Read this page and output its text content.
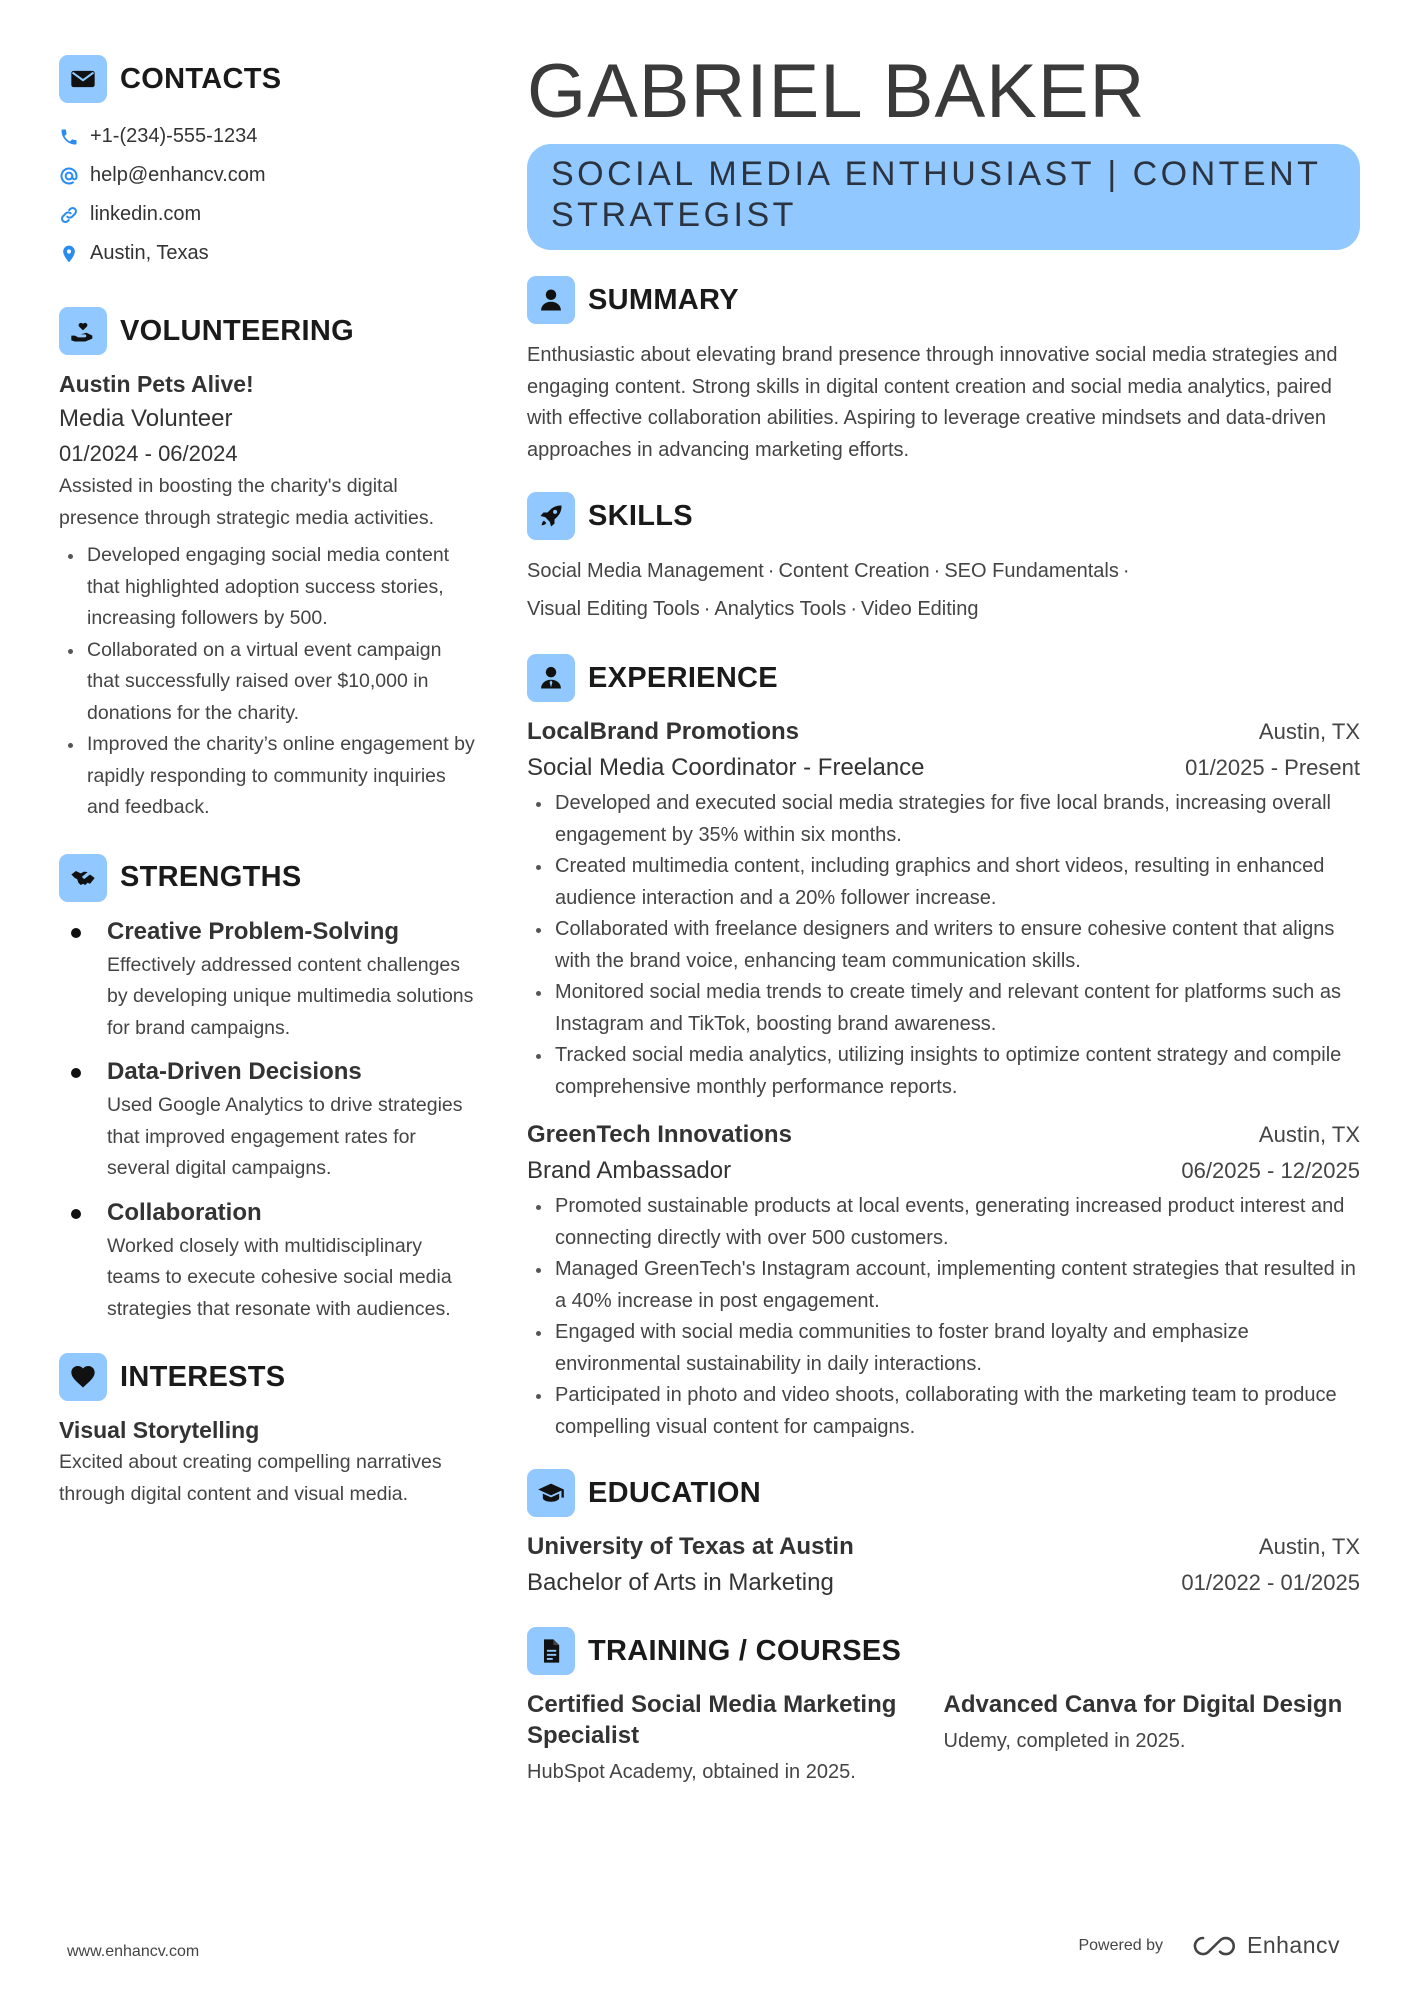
CONTACTS
+1-(234)-555-1234
help@enhancv.com
linkedin.com
Austin, Texas
VOLUNTEERING
Austin Pets Alive!
Media Volunteer
01/2024 - 06/2024
Assisted in boosting the charity's digital presence through strategic media activities.
Developed engaging social media content that highlighted adoption success stories, increasing followers by 500.
Collaborated on a virtual event campaign that successfully raised over $10,000 in donations for the charity.
Improved the charity’s online engagement by rapidly responding to community inquiries and feedback.
STRENGTHS
Creative Problem-Solving
Effectively addressed content challenges by developing unique multimedia solutions for brand campaigns.
Data-Driven Decisions
Used Google Analytics to drive strategies that improved engagement rates for several digital campaigns.
Collaboration
Worked closely with multidisciplinary teams to execute cohesive social media strategies that resonate with audiences.
INTERESTS
Visual Storytelling
Excited about creating compelling narratives through digital content and visual media.
GABRIEL BAKER
SOCIAL MEDIA ENTHUSIAST | CONTENT
STRATEGIST
SUMMARY
Enthusiastic about elevating brand presence through innovative social media strategies and engaging content. Strong skills in digital content creation and social media analytics, paired with effective collaboration abilities. Aspiring to leverage creative mindsets and data-driven approaches in advancing marketing efforts.
SKILLS
Social Media Management · Content Creation · SEO Fundamentals ·
Visual Editing Tools · Analytics Tools · Video Editing
EXPERIENCE
LocalBrand Promotions	Austin, TX
Social Media Coordinator - Freelance	01/2025 - Present
Developed and executed social media strategies for five local brands, increasing overall engagement by 35% within six months.
Created multimedia content, including graphics and short videos, resulting in enhanced audience interaction and a 20% follower increase.
Collaborated with freelance designers and writers to ensure cohesive content that aligns with the brand voice, enhancing team communication skills.
Monitored social media trends to create timely and relevant content for platforms such as Instagram and TikTok, boosting brand awareness.
Tracked social media analytics, utilizing insights to optimize content strategy and compile comprehensive monthly performance reports.
GreenTech Innovations	Austin, TX
Brand Ambassador	06/2025 - 12/2025
Promoted sustainable products at local events, generating increased product interest and connecting directly with over 500 customers.
Managed GreenTech's Instagram account, implementing content strategies that resulted in a 40% increase in post engagement.
Engaged with social media communities to foster brand loyalty and emphasize environmental sustainability in daily interactions.
Participated in photo and video shoots, collaborating with the marketing team to produce compelling visual content for campaigns.
EDUCATION
University of Texas at Austin	Austin, TX
Bachelor of Arts in Marketing	01/2022 - 01/2025
TRAINING / COURSES
Certified Social Media Marketing Specialist
HubSpot Academy, obtained in 2025.
Advanced Canva for Digital Design
Udemy, completed in 2025.
www.enhancv.com	Powered by	Enhancv
